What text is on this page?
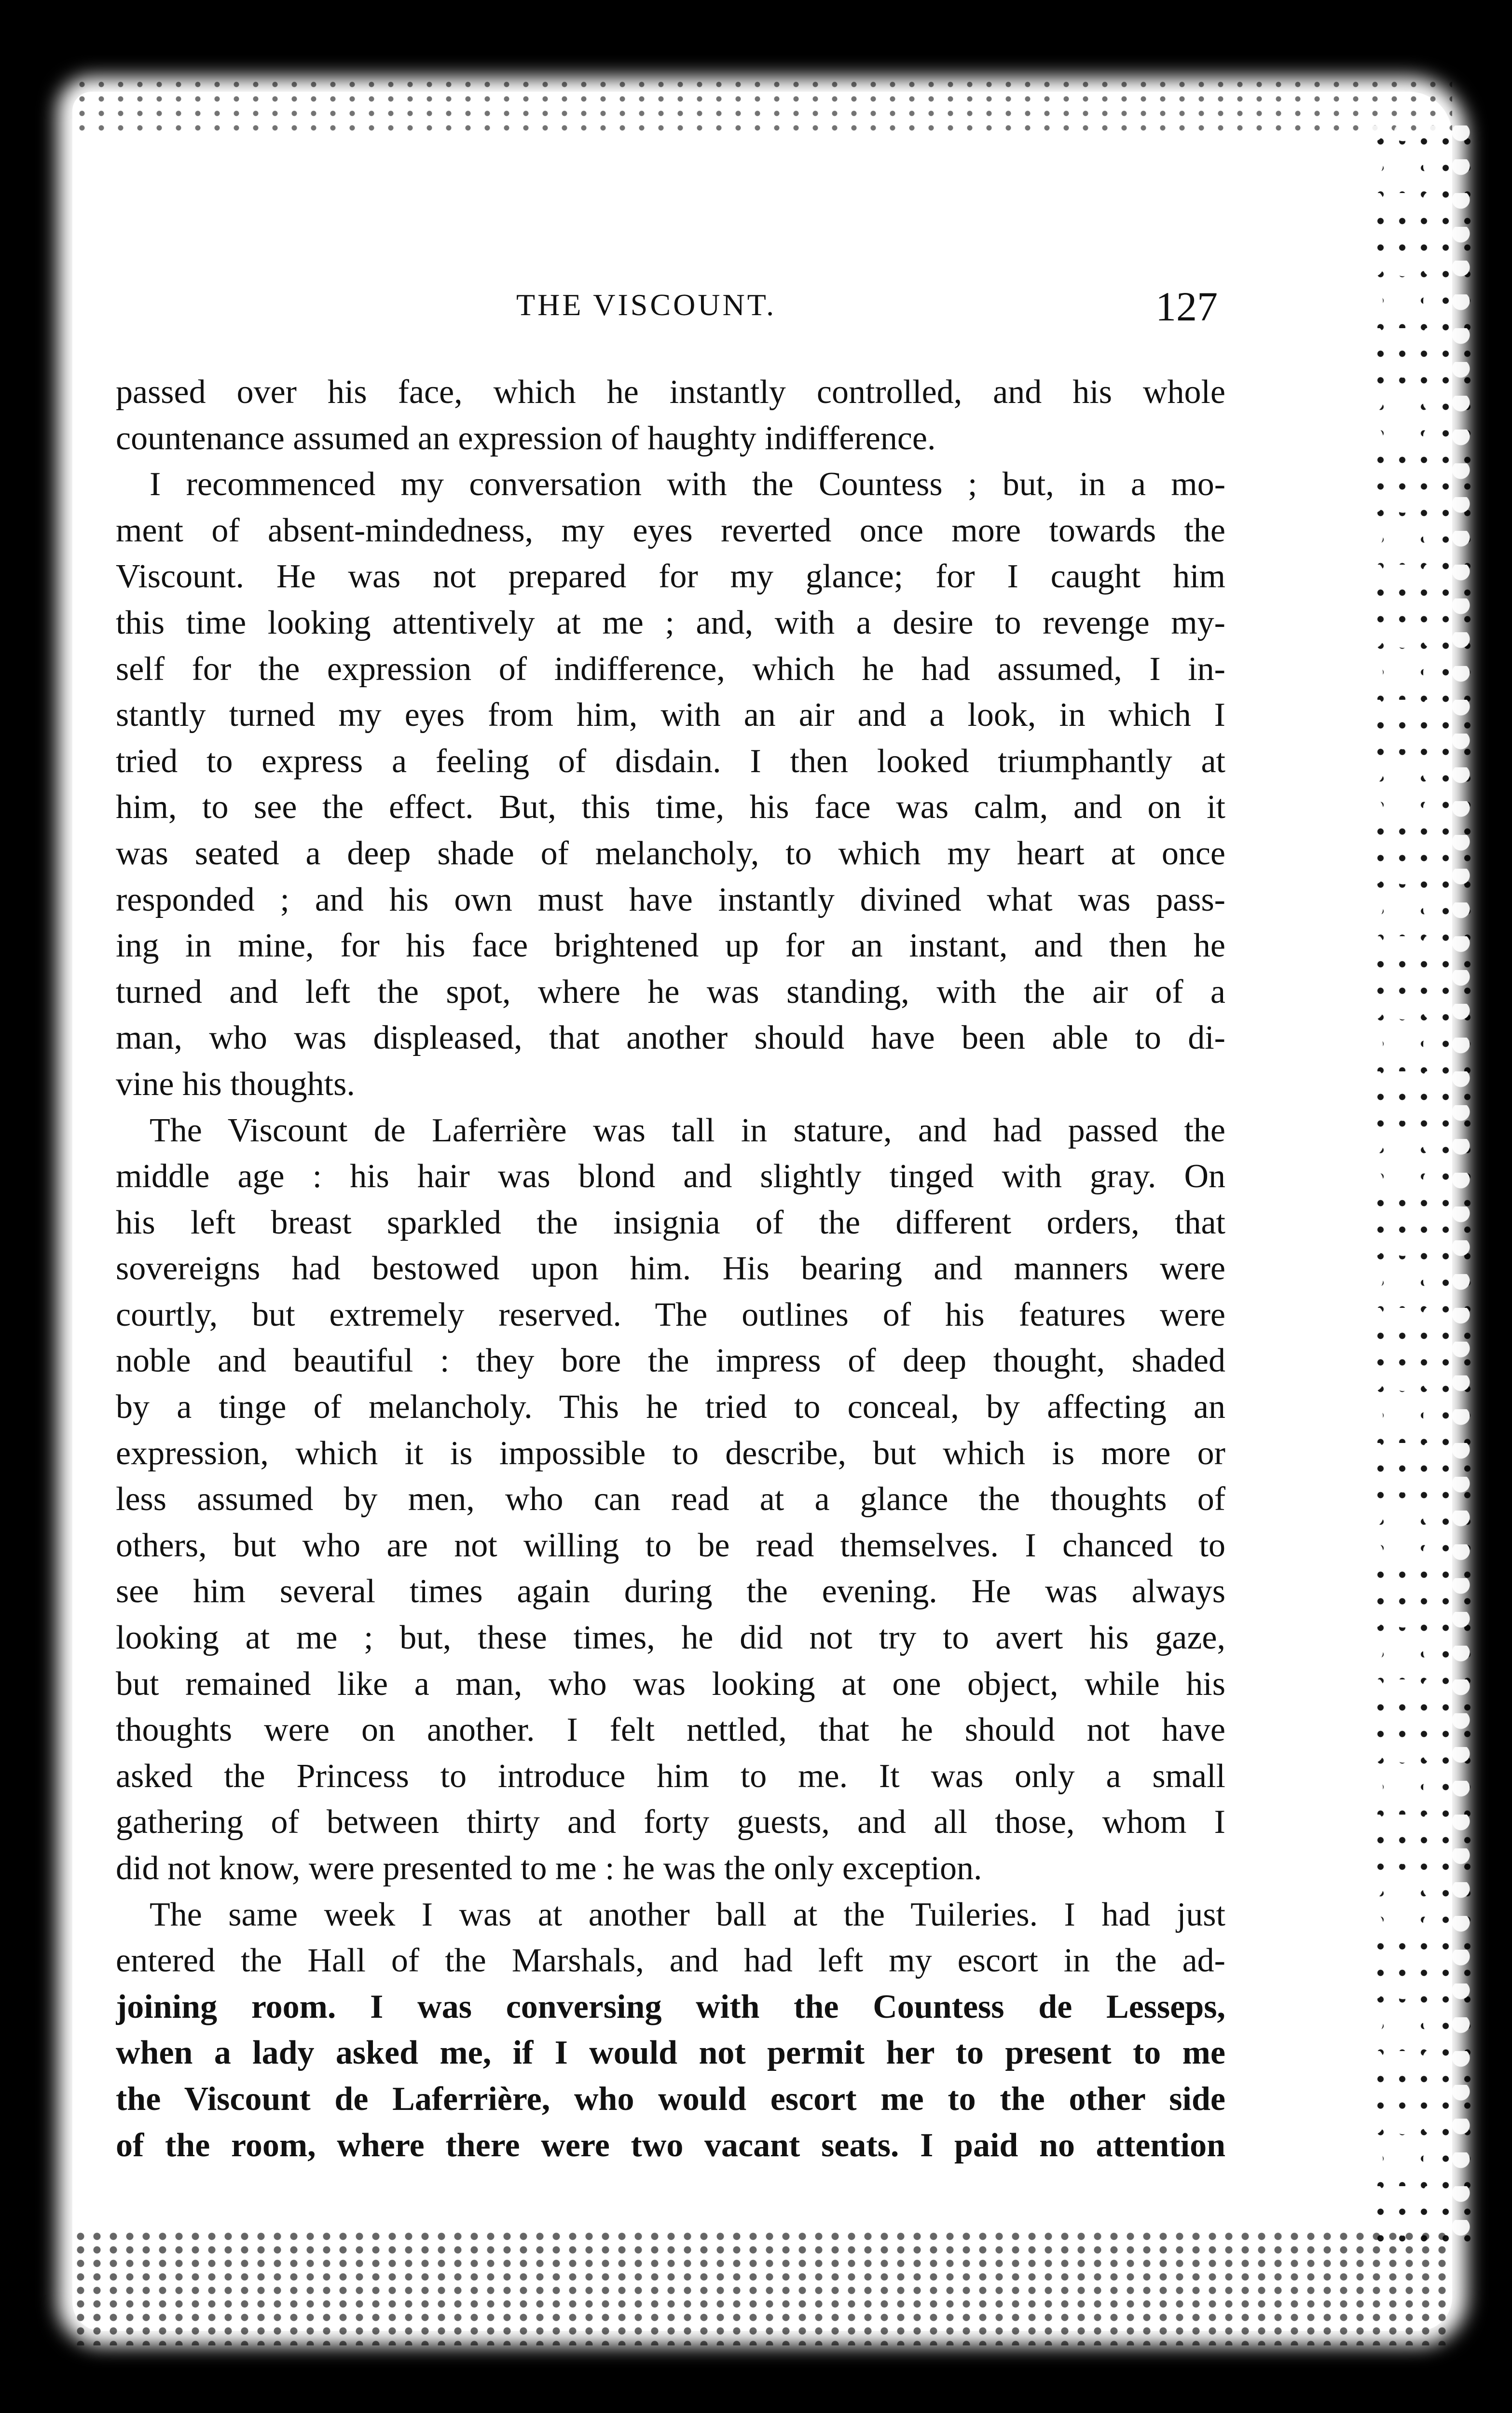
THE VISCOUNT.	127
passed over his face, which he instantly controlled, and his whole
countenance assumed an expression of haughty indifference.
I recommenced my conversation with the Countess ; but, in a mo-
ment of absent-mindedness, my eyes reverted once more towards the
Viscount. He was not prepared for my glance; for I caught him
this time looking attentively at me ; and, with a desire to revenge my-
self for the expression of indifference, which he had assumed, I in-
stantly turned my eyes from him, with an air and a look, in which I
tried to express a feeling of disdain. I then looked triumphantly at
him, to see the effect. But, this time, his face was calm, and on it
was seated a deep shade of melancholy, to which my heart at once
responded ; and his own must have instantly divined what was pass-
ing in mine, for his face brightened up for an instant, and then he
turned and left the spot, where he was standing, with the air of a
man, who was displeased, that another should have been able to di-
vine his thoughts.
The Viscount de Laferrière was tall in stature, and had passed the
middle age : his hair was blond and slightly tinged with gray. On
his left breast sparkled the insignia of the different orders, that
sovereigns had bestowed upon him. His bearing and manners were
courtly, but extremely reserved. The outlines of his features were
noble and beautiful : they bore the impress of deep thought, shaded
by a tinge of melancholy. This he tried to conceal, by affecting an
expression, which it is impossible to describe, but which is more or
less assumed by men, who can read at a glance the thoughts of
others, but who are not willing to be read themselves. I chanced to
see him several times again during the evening. He was always
looking at me ; but, these times, he did not try to avert his gaze,
but remained like a man, who was looking at one object, while his
thoughts were on another. I felt nettled, that he should not have
asked the Princess to introduce him to me. It was only a small
gathering of between thirty and forty guests, and all those, whom I
did not know, were presented to me : he was the only exception.
The same week I was at another ball at the Tuileries. I had just
entered the Hall of the Marshals, and had left my escort in the ad-
joining room. I was conversing with the Countess de Lesseps,
when a lady asked me, if I would not permit her to present to me
the Viscount de Laferrière, who would escort me to the other side
of the room, where there were two vacant seats. I paid no attention
